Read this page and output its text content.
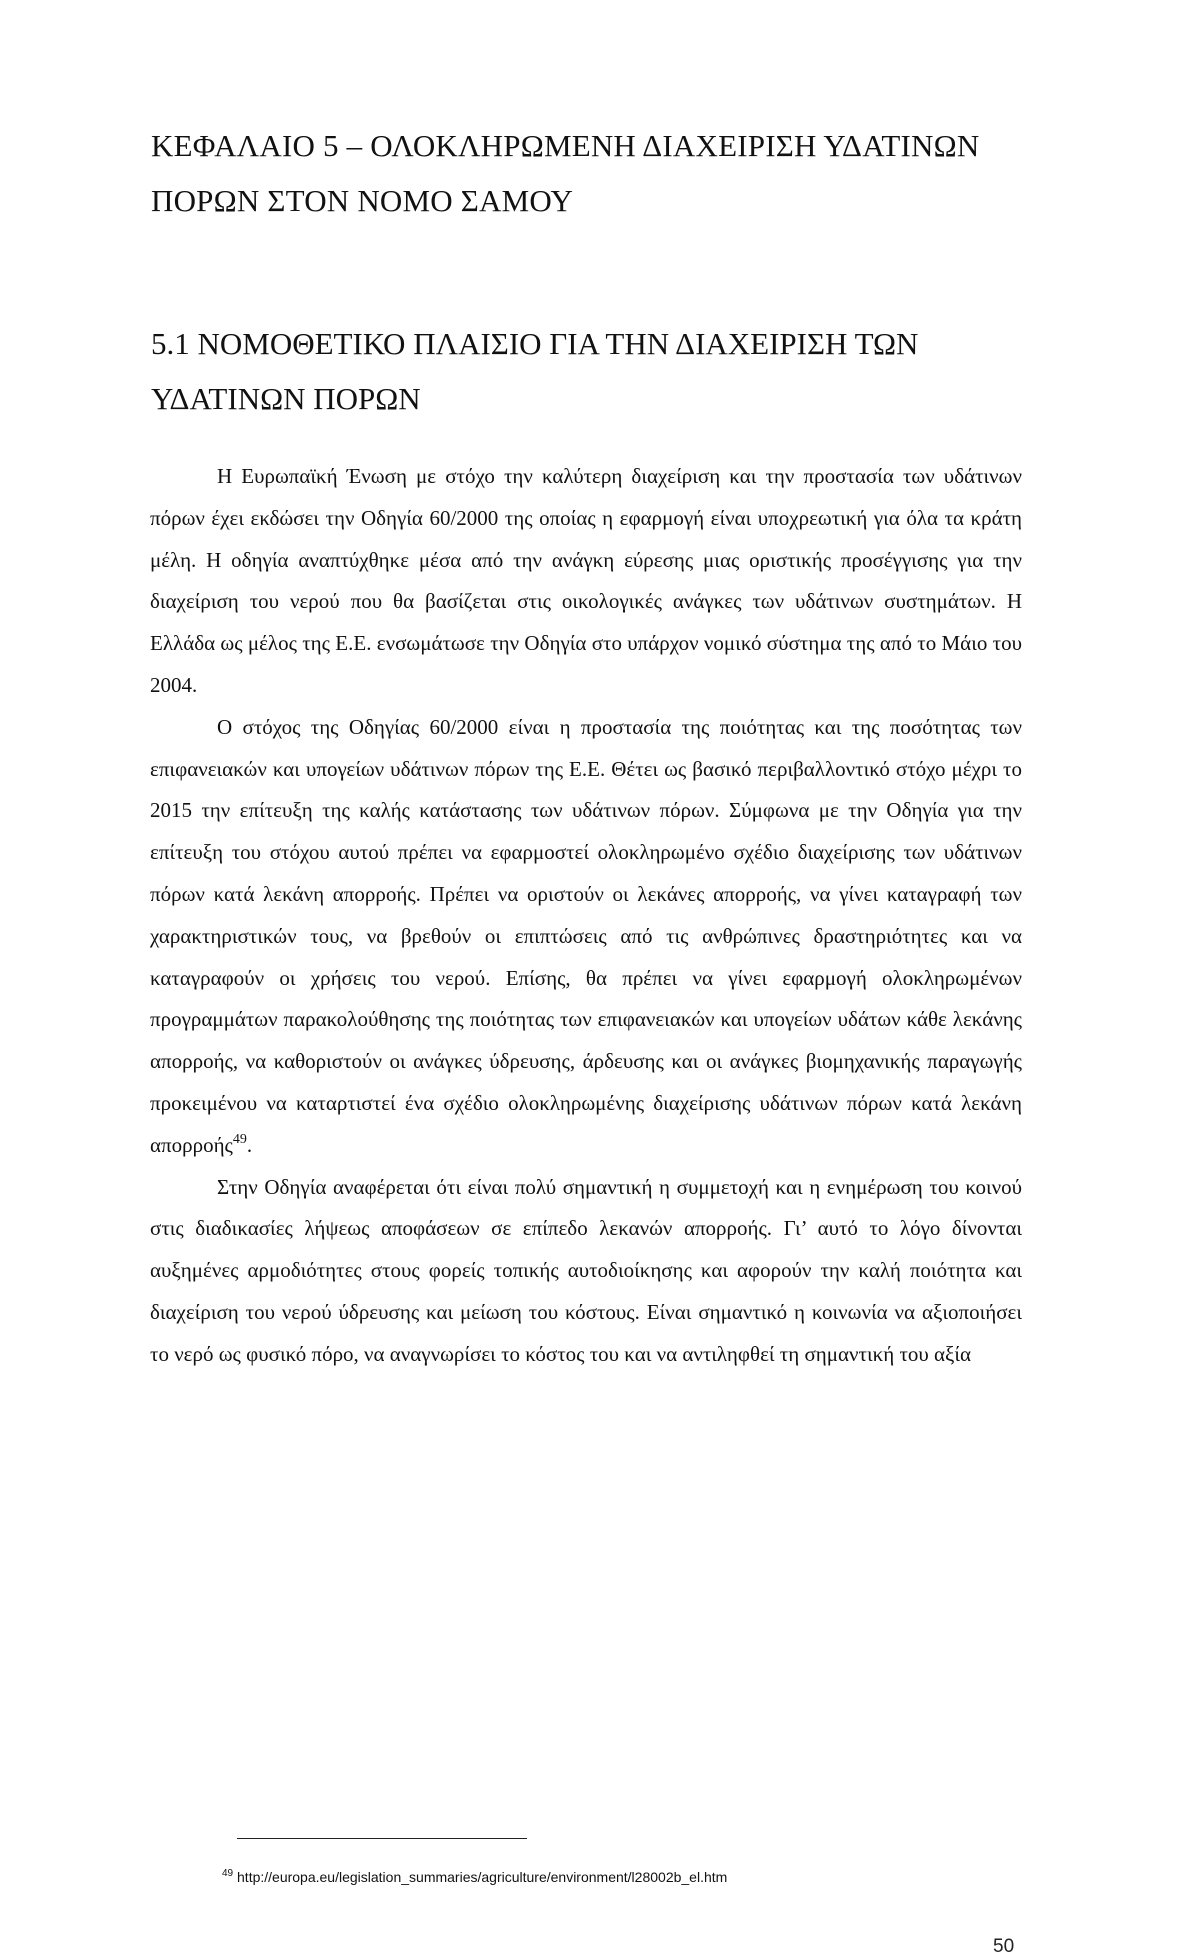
ΚΕΦΑΛΑΙΟ 5 – ΟΛΟΚΛΗΡΩΜΕΝΗ ΔΙΑΧΕΙΡΙΣΗ ΥΔΑΤΙΝΩΝ
ΠΟΡΩΝ ΣΤΟΝ ΝΟΜΟ ΣΑΜΟΥ
5.1 ΝΟΜΟΘΕΤΙΚΟ ΠΛΑΙΣΙΟ ΓΙΑ ΤΗΝ ΔΙΑΧΕΙΡΙΣΗ ΤΩΝ
ΥΔΑΤΙΝΩΝ ΠΟΡΩΝ

Η Ευρωπαϊκή Ένωση με στόχο την καλύτερη διαχείριση και την προστασία των υδάτινων πόρων έχει εκδώσει την Οδηγία 60/2000 της οποίας η εφαρμογή είναι υποχρεωτική για όλα τα κράτη μέλη. Η οδηγία αναπτύχθηκε μέσα από την ανάγκη εύρεσης μιας οριστικής προσέγγισης για την διαχείριση του νερού που θα βασίζεται στις οικολογικές ανάγκες των υδάτινων συστημάτων. Η Ελλάδα ως μέλος της Ε.Ε. ενσωμάτωσε την Οδηγία στο υπάρχον νομικό σύστημα της από το Μάιο του 2004.

Ο στόχος της Οδηγίας 60/2000 είναι η προστασία της ποιότητας και της ποσότητας των επιφανειακών και υπογείων υδάτινων πόρων της Ε.Ε. Θέτει ως βασικό περιβαλλοντικό στόχο μέχρι το 2015 την επίτευξη της καλής κατάστασης των υδάτινων πόρων. Σύμφωνα με την Οδηγία για την επίτευξη του στόχου αυτού πρέπει να εφαρμοστεί ολοκληρωμένο σχέδιο διαχείρισης των υδάτινων πόρων κατά λεκάνη απορροής. Πρέπει να οριστούν οι λεκάνες απορροής, να γίνει καταγραφή των χαρακτηριστικών τους, να βρεθούν οι επιπτώσεις από τις ανθρώπινες δραστηριότητες και να καταγραφούν οι χρήσεις του νερού. Επίσης, θα πρέπει να γίνει εφαρμογή ολοκληρωμένων προγραμμάτων παρακολούθησης της ποιότητας των επιφανειακών και υπογείων υδάτων κάθε λεκάνης απορροής, να καθοριστούν οι ανάγκες ύδρευσης, άρδευσης και οι ανάγκες βιομηχανικής παραγωγής προκειμένου να καταρτιστεί ένα σχέδιο ολοκληρωμένης διαχείρισης υδάτινων πόρων κατά λεκάνη απορροής$^{49}$.

Στην Οδηγία αναφέρεται ότι είναι πολύ σημαντική η συμμετοχή και η ενημέρωση του κοινού στις διαδικασίες λήψεως αποφάσεων σε επίπεδο λεκανών απορροής. Γι’ αυτό το λόγο δίνονται αυξημένες αρμοδιότητες στους φορείς τοπικής αυτοδιοίκησης και αφορούν την καλή ποιότητα και διαχείριση του νερού ύδρευσης και μείωση του κόστους. Είναι σημαντικό η κοινωνία να αξιοποιήσει το νερό ως φυσικό πόρο, να αναγνωρίσει το κόστος του και να αντιληφθεί τη σημαντική του αξία

$^{49}$ http://europa.eu/legislation_summaries/agriculture/environment/l28002b_el.htm
50
